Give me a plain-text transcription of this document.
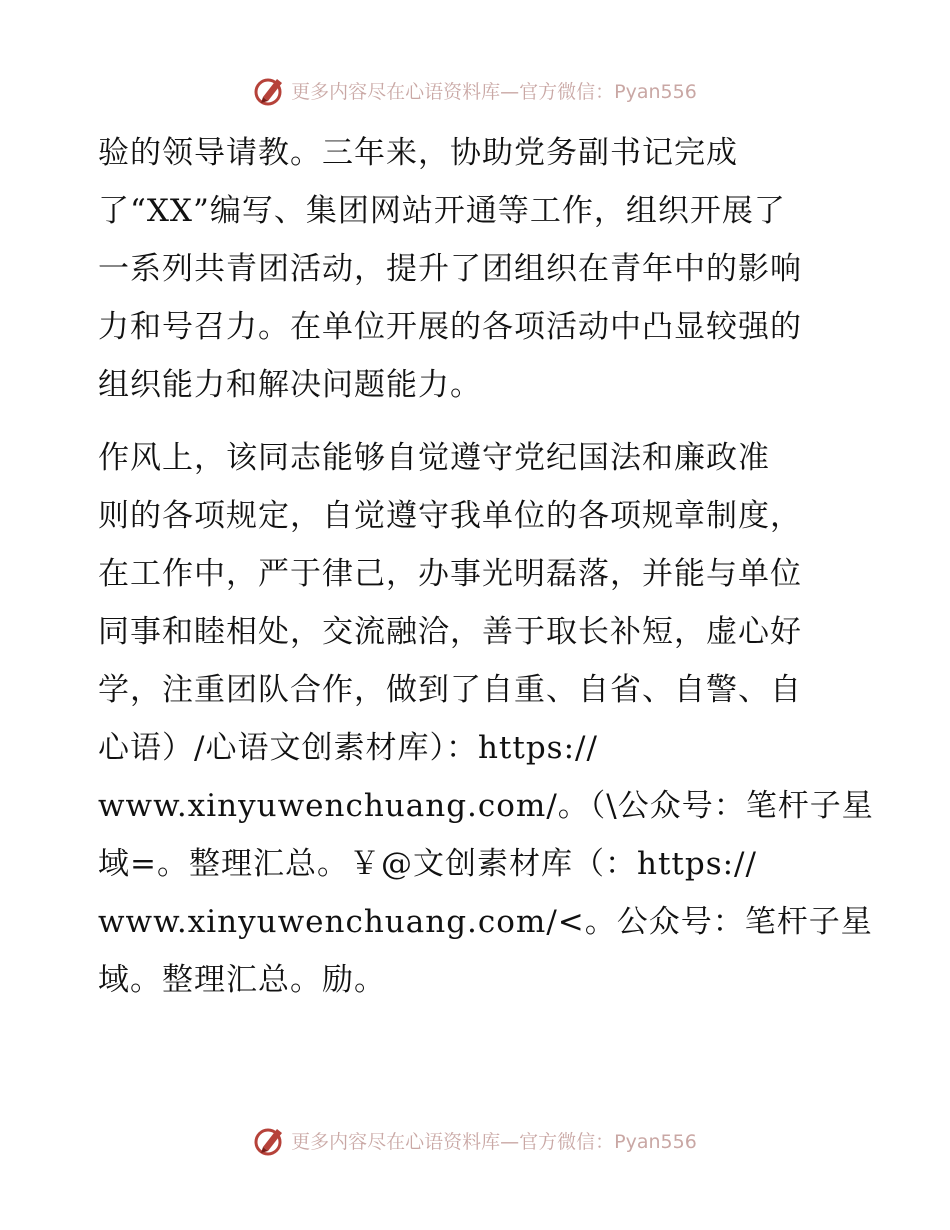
更多内容尽在心语资料库—官方微信：Pyan556
验的领导请教。三年来，协助党务副书记完成
了“XX”编写、集团网站开通等工作，组织开展了
一系列共青团活动，提升了团组织在青年中的影响
力和号召力。在单位开展的各项活动中凸显较强的
组织能力和解决问题能力。
作风上，该同志能够自觉遵守党纪国法和廉政准
则的各项规定，自觉遵守我单位的各项规章制度，
在工作中，严于律己，办事光明磊落，并能与单位
同事和睦相处，交流融洽，善于取长补短，虚心好
学，注重团队合作，做到了自重、自省、自警、自
心语）/心语文创素材库）：https://
www.xinyuwenchuang.com/。（\公众号：笔杆子星
域=。整理汇总。￥@文创素材库（：https://
www.xinyuwenchuang.com/<。公众号：笔杆子星
域。整理汇总。励。
更多内容尽在心语资料库—官方微信：Pyan556
